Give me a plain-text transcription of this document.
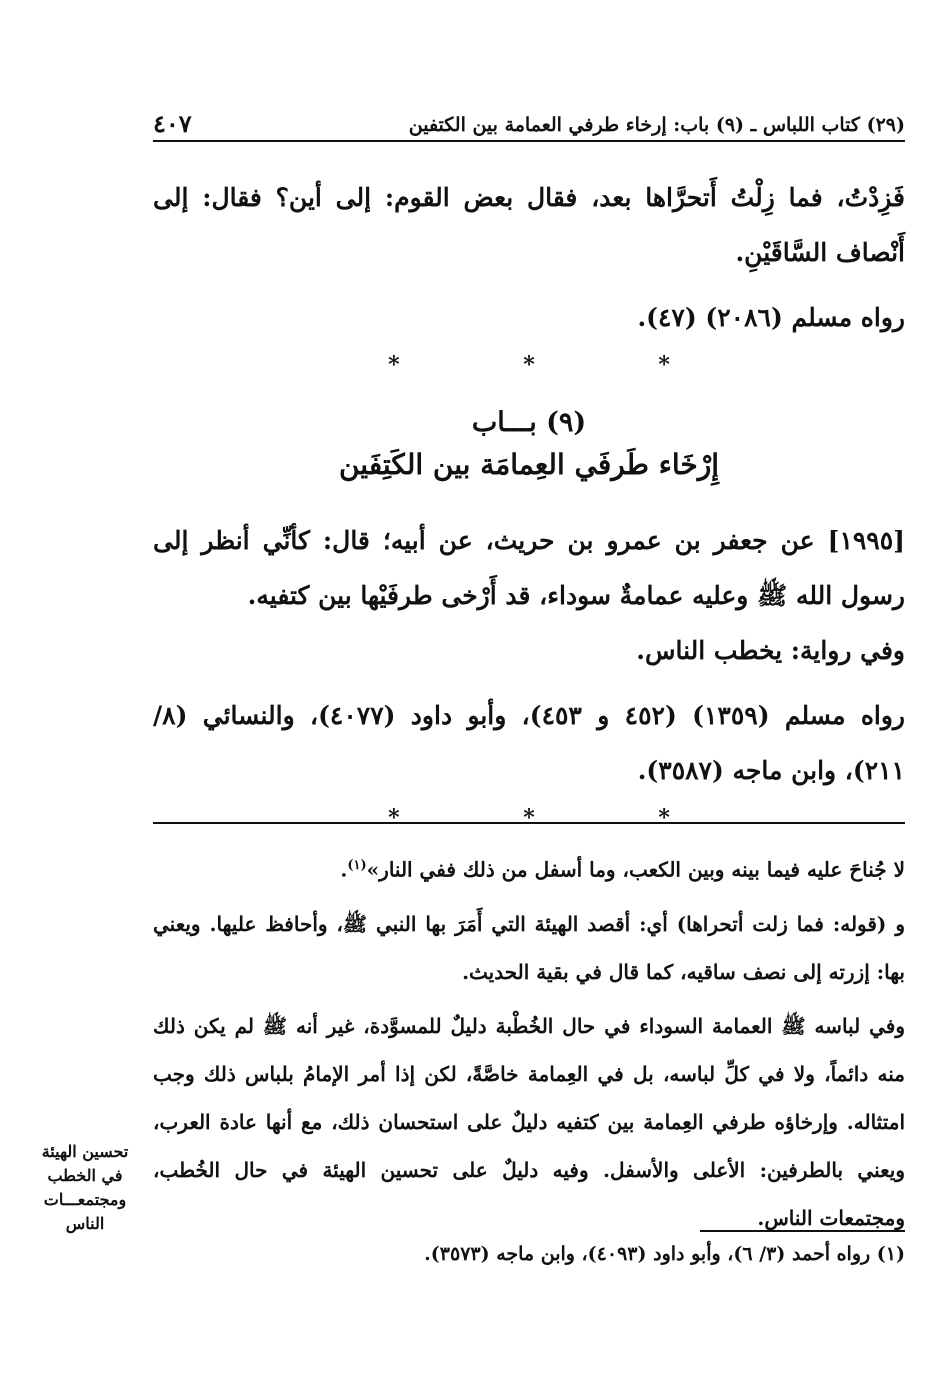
(٢٩) كتاب اللباس ـ (٩) باب: إرخاء طرفي العمامة بين الكتفين
٤٠٧

فَزِدْتُ، فما زِلْتُ أَتحرَّاها بعد، فقال بعض القوم: إلى أين؟ فقال: إلى أَنْصاف السَّاقَيْنِ.

رواه مسلم (٢٠٨٦) (٤٧).

* * *
(٩) بـــاب
إِرْخَاء طَرفَي العِمامَة بين الكَتِفَين

[١٩٩٥] عن جعفر بن عمرو بن حريث، عن أبيه؛ قال: كأنِّي أنظر إلى رسول الله ﷺ وعليه عمامةٌ سوداء، قد أَرْخى طرفَيْها بين كتفيه.

وفي رواية: يخطب الناس.

رواه مسلم (١٣٥٩) (٤٥٢ و ٤٥٣)، وأبو داود (٤٠٧٧)، والنسائي (٨/ ٢١١)، وابن ماجه (٣٥٨٧).

* * *

لا جُناحَ عليه فيما بينه وبين الكعب، وما أسفل من ذلك ففي النار»$^{(١)}$.

و (قوله: فما زلت أتحراها) أي: أقصد الهيئة التي أَمَرَ بها النبي ﷺ، وأحافظ عليها. ويعني بها: إزرته إلى نصف ساقيه، كما قال في بقية الحديث.

وفي لباسه ﷺ العمامة السوداء في حال الخُطْبة دليلٌ للمسوَّدة، غير أنه ﷺ لم يكن ذلك منه دائماً، ولا في كلِّ لباسه، بل في العِمامة خاصَّةً، لكن إذا أمر الإمامُ بلباس ذلك وجب امتثاله. وإرخاؤه طرفي العِمامة بين كتفيه دليلٌ على استحسان ذلك، مع أنها عادة العرب، ويعني بالطرفين: الأعلى والأسفل. وفيه دليلٌ على تحسين الهيئة في حال الخُطب، ومجتمعات الناس.

تحسين الهيئة
في الخطب
ومجتمعـــات
الناس
(١) رواه أحمد (٣/ ٦)، وأبو داود (٤٠٩٣)، وابن ماجه (٣٥٧٣).
